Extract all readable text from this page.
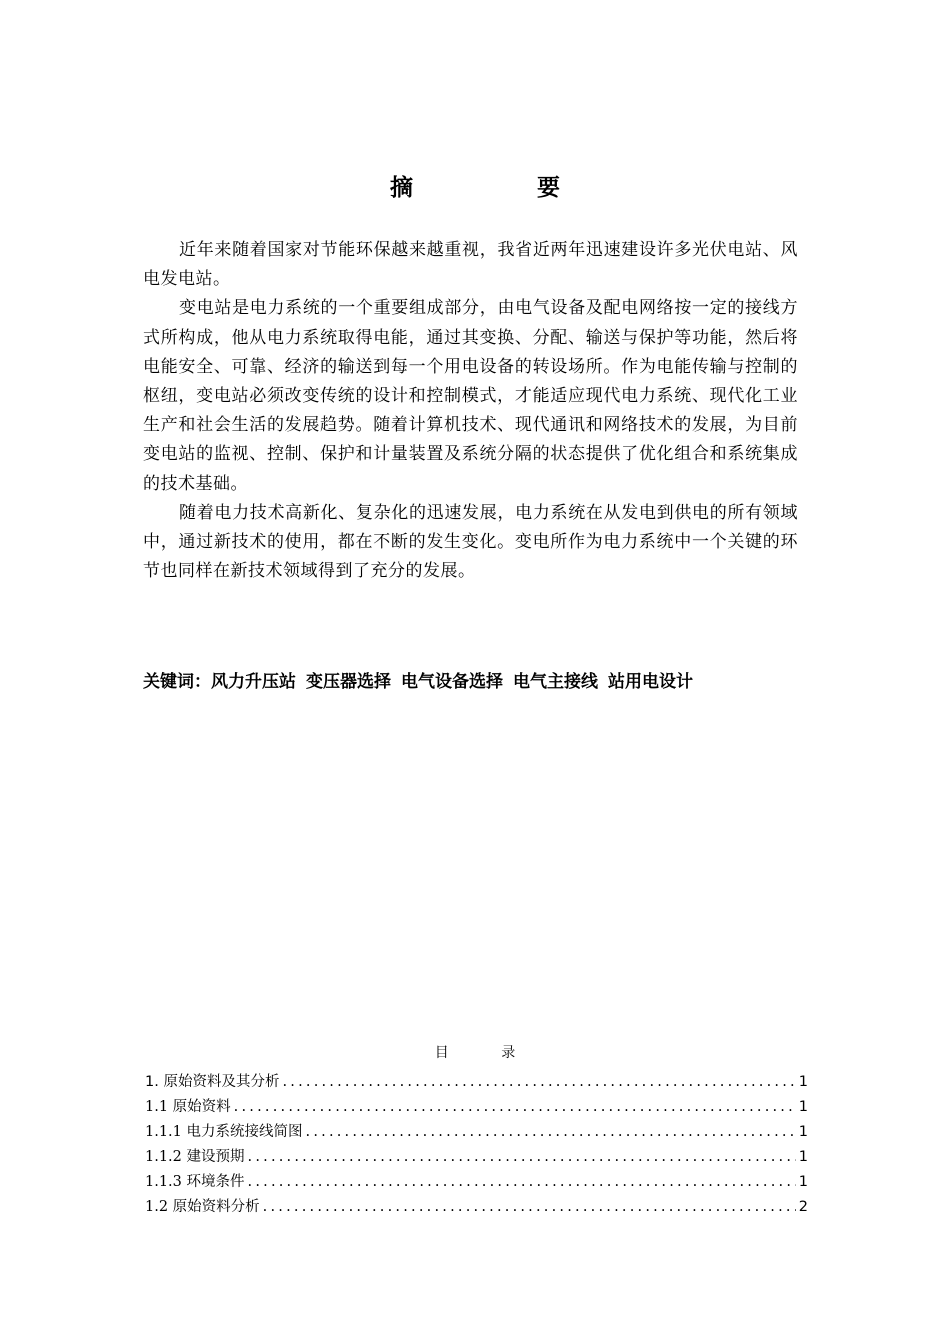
摘 要

近年来随着国家对节能环保越来越重视，我省近两年迅速建设许多光伏电站、风电发电站。

变电站是电力系统的一个重要组成部分，由电气设备及配电网络按一定的接线方式所构成，他从电力系统取得电能，通过其变换、分配、输送与保护等功能，然后将电能安全、可靠、经济的输送到每一个用电设备的转设场所。作为电能传输与控制的枢纽，变电站必须改变传统的设计和控制模式，才能适应现代电力系统、现代化工业生产和社会生活的发展趋势。随着计算机技术、现代通讯和网络技术的发展，为目前变电站的监视、控制、保护和计量装置及系统分隔的状态提供了优化组合和系统集成的技术基础。

随着电力技术高新化、复杂化的迅速发展，电力系统在从发电到供电的所有领域中，通过新技术的使用，都在不断的发生变化。变电所作为电力系统中一个关键的环节也同样在新技术领域得到了充分的发展。

关键词：风力升压站 变压器选择 电气设备选择 电气主接线 站用电设计
目 录
1. 原始资料及其分析 .....	1
1.1 原始资料 .....	1
1.1.1 电力系统接线简图 .....	1
1.1.2 建设预期 .....	1
1.1.3 环境条件 .....	1
1.2 原始资料分析 .....	2
